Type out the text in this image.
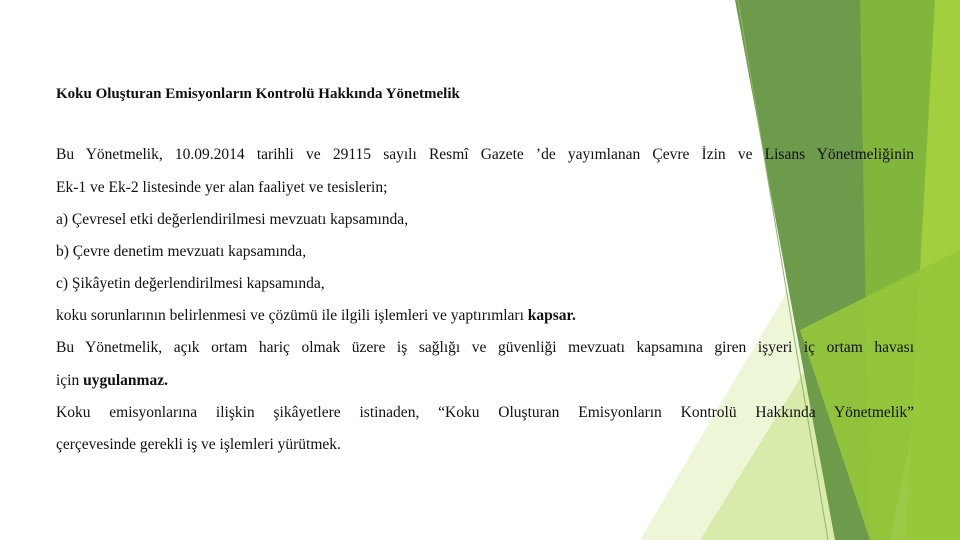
Koku Oluşturan Emisyonların Kontrolü Hakkında Yönetmelik

Bu Yönetmelik, 10.09.2014 tarihli ve 29115 sayılı Resmî Gazete ’de yayımlanan Çevre İzin ve Lisans Yönetmeliğinin

Ek-1 ve Ek-2 listesinde yer alan faaliyet ve tesislerin;

a) Çevresel etki değerlendirilmesi mevzuatı kapsamında,

b) Çevre denetim mevzuatı kapsamında,

c) Şikâyetin değerlendirilmesi kapsamında,

koku sorunlarının belirlenmesi ve çözümü ile ilgili işlemleri ve yaptırımları kapsar.

Bu Yönetmelik, açık ortam hariç olmak üzere iş sağlığı ve güvenliği mevzuatı kapsamına giren işyeri iç ortam havası

için uygulanmaz.

Koku emisyonlarına ilişkin şikâyetlere istinaden, “Koku Oluşturan Emisyonların Kontrolü Hakkında Yönetmelik”

çerçevesinde gerekli iş ve işlemleri yürütmek.
